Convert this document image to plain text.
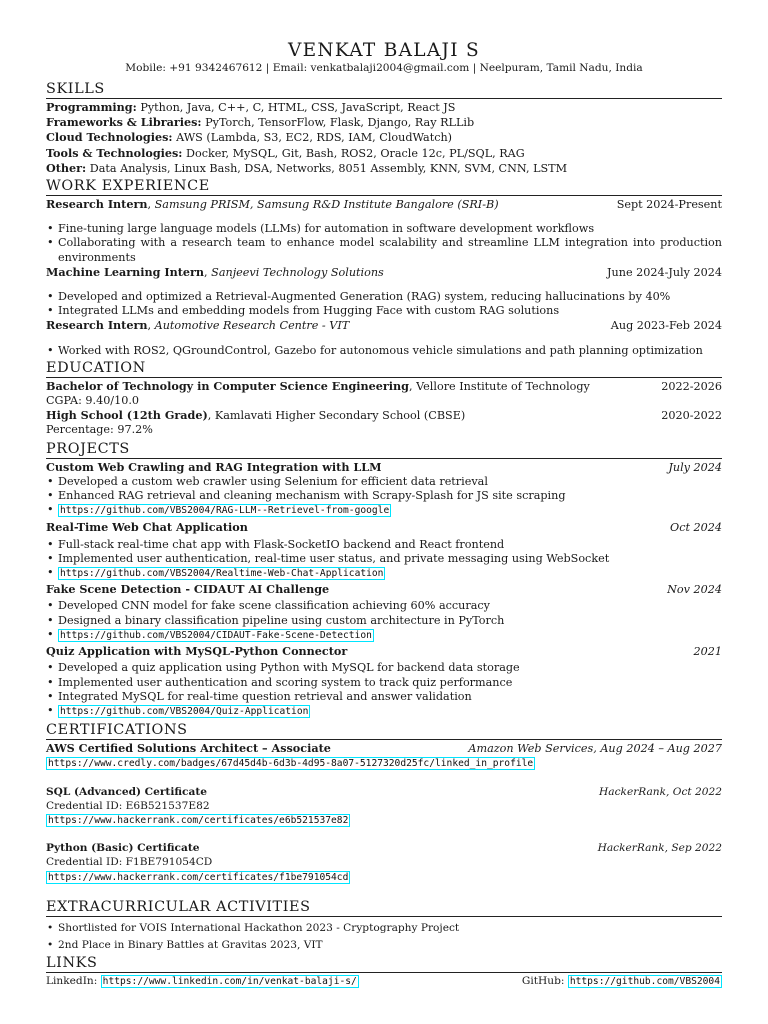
VENKAT BALAJI S
Mobile: +91 9342467612 | Email: venkatbalaji2004@gmail.com | Neelpuram, Tamil Nadu, India
SKILLS
Programming: Python, Java, C++, C, HTML, CSS, JavaScript, React JS
Frameworks & Libraries: PyTorch, TensorFlow, Flask, Django, Ray RLLib
Cloud Technologies: AWS (Lambda, S3, EC2, RDS, IAM, CloudWatch)
Tools & Technologies: Docker, MySQL, Git, Bash, ROS2, Oracle 12c, PL/SQL, RAG
Other: Data Analysis, Linux Bash, DSA, Networks, 8051 Assembly, KNN, SVM, CNN, LSTM
WORK EXPERIENCE
Research Intern, Samsung PRISM, Samsung R&D Institute Bangalore (SRI-B)	Sept 2024-Present
• Fine-tuning large language models (LLMs) for automation in software development workflows
• Collaborating with a research team to enhance model scalability and streamline LLM integration into production environments
Machine Learning Intern, Sanjeevi Technology Solutions	June 2024-July 2024
• Developed and optimized a Retrieval-Augmented Generation (RAG) system, reducing hallucinations by 40%
• Integrated LLMs and embedding models from Hugging Face with custom RAG solutions
Research Intern, Automotive Research Centre - VIT	Aug 2023-Feb 2024
• Worked with ROS2, QGroundControl, Gazebo for autonomous vehicle simulations and path planning optimization
EDUCATION
Bachelor of Technology in Computer Science Engineering, Vellore Institute of Technology	2022-2026
CGPA: 9.40/10.0
High School (12th Grade), Kamlavati Higher Secondary School (CBSE)	2020-2022
Percentage: 97.2%
PROJECTS
Custom Web Crawling and RAG Integration with LLM	July 2024
• Developed a custom web crawler using Selenium for efficient data retrieval
• Enhanced RAG retrieval and cleaning mechanism with Scrapy-Splash for JS site scraping
• https://github.com/VBS2004/RAG-LLM--Retrievel-from-google
Real-Time Web Chat Application	Oct 2024
• Full-stack real-time chat app with Flask-SocketIO backend and React frontend
• Implemented user authentication, real-time user status, and private messaging using WebSocket
• https://github.com/VBS2004/Realtime-Web-Chat-Application
Fake Scene Detection - CIDAUT AI Challenge	Nov 2024
• Developed CNN model for fake scene classification achieving 60% accuracy
• Designed a binary classification pipeline using custom architecture in PyTorch
• https://github.com/VBS2004/CIDAUT-Fake-Scene-Detection
Quiz Application with MySQL-Python Connector	2021
• Developed a quiz application using Python with MySQL for backend data storage
• Implemented user authentication and scoring system to track quiz performance
• Integrated MySQL for real-time question retrieval and answer validation
• https://github.com/VBS2004/Quiz-Application
CERTIFICATIONS
AWS Certified Solutions Architect – Associate	Amazon Web Services, Aug 2024 – Aug 2027
https://www.credly.com/badges/67d45d4b-6d3b-4d95-8a07-5127320d25fc/linked_in_profile
SQL (Advanced) Certificate	HackerRank, Oct 2022
Credential ID: E6B521537E82
https://www.hackerrank.com/certificates/e6b521537e82
Python (Basic) Certificate	HackerRank, Sep 2022
Credential ID: F1BE791054CD
https://www.hackerrank.com/certificates/f1be791054cd
EXTRACURRICULAR ACTIVITIES
• Shortlisted for VOIS International Hackathon 2023 - Cryptography Project
• 2nd Place in Binary Battles at Gravitas 2023, VIT
LINKS
LinkedIn: https://www.linkedin.com/in/venkat-balaji-s/	GitHub: https://github.com/VBS2004
